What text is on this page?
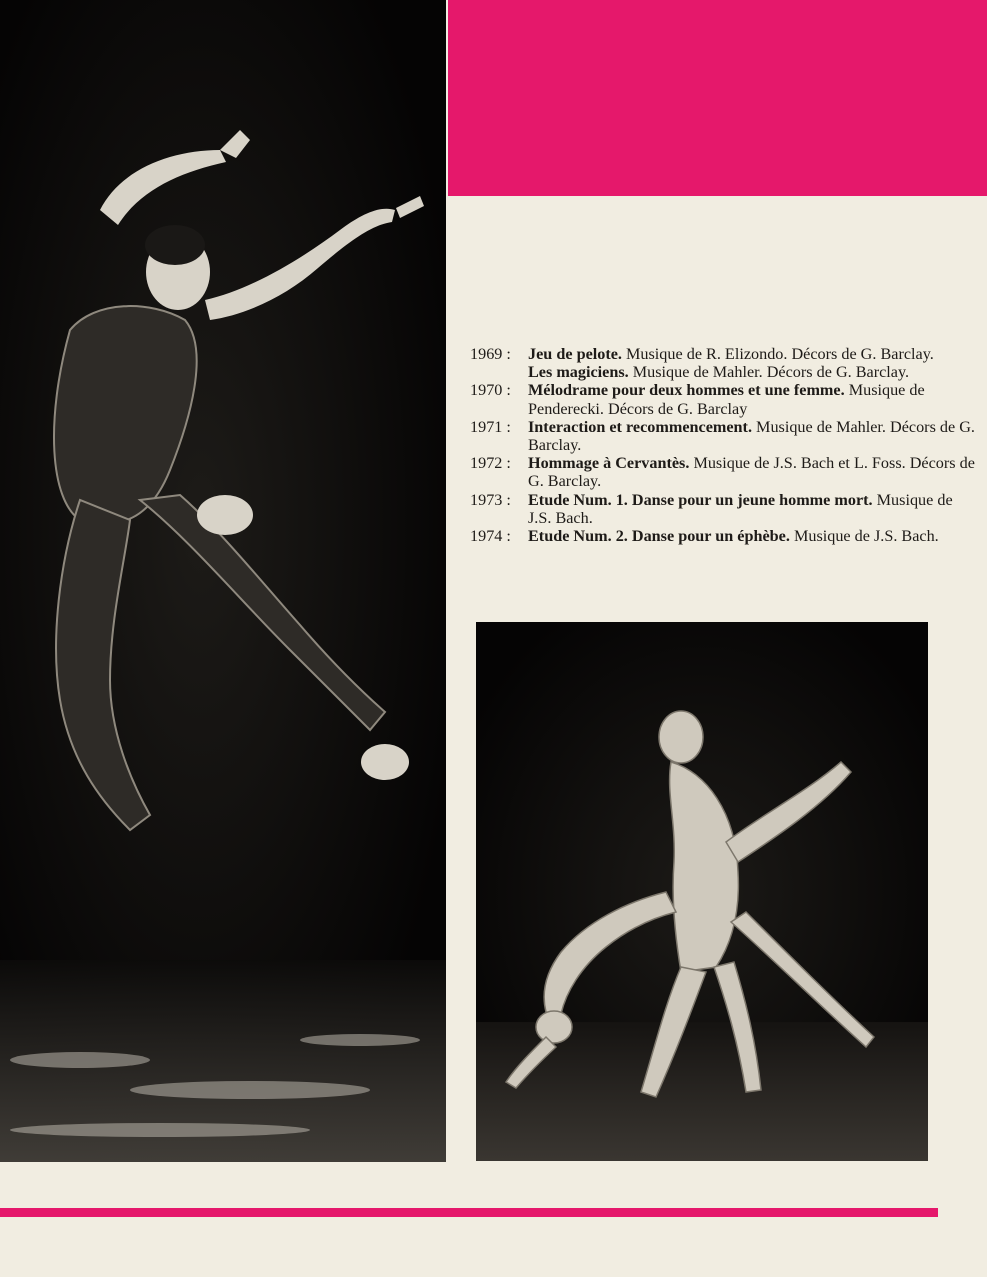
1969 :	Jeu de pelote. Musique de R. Elizondo. Décors de G. Barclay.
Les magiciens. Musique de Mahler. Décors de G. Barclay.
1970 :	Mélodrame pour deux hommes et une femme. Musique de Penderecki. Décors de G. Barclay
1971 :	Interaction et recommencement. Musique de Mahler. Décors de G. Barclay.
1972 :	Hommage à Cervantès. Musique de J.S. Bach et L. Foss. Décors de G. Barclay.
1973 :	Etude Num. 1. Danse pour un jeune homme mort. Musique de J.S. Bach.
1974 :	Etude Num. 2. Danse pour un éphèbe. Musique de J.S. Bach.
